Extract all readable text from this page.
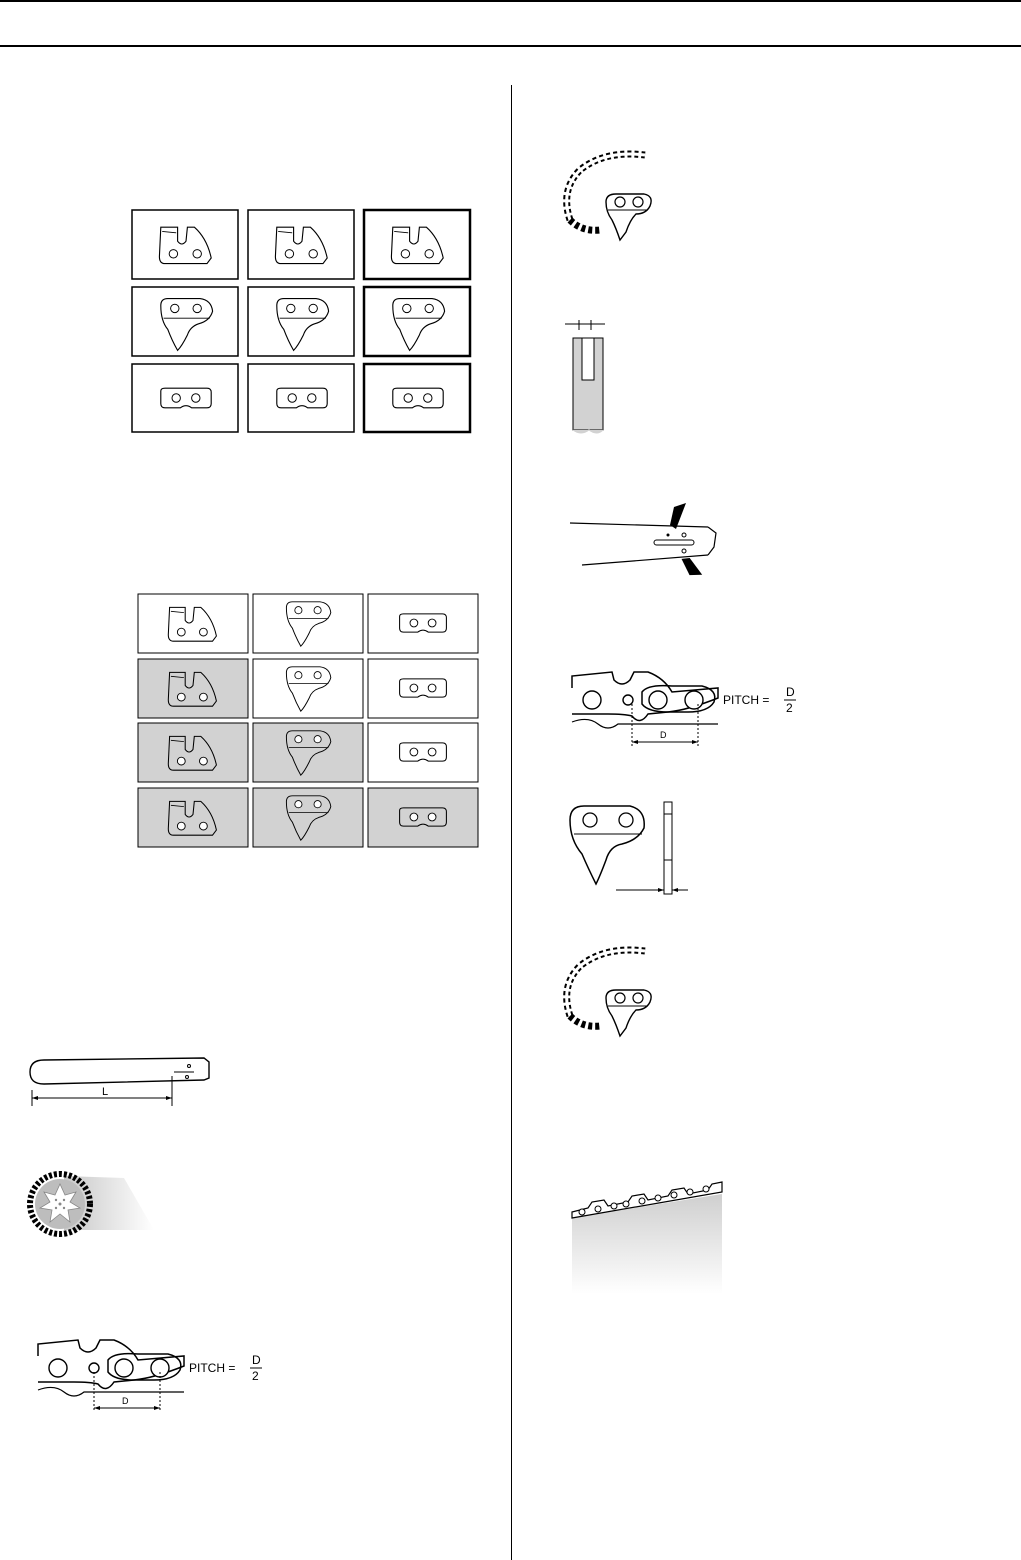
L
D
PITCH =
D
2
D
PITCH =
D
2
